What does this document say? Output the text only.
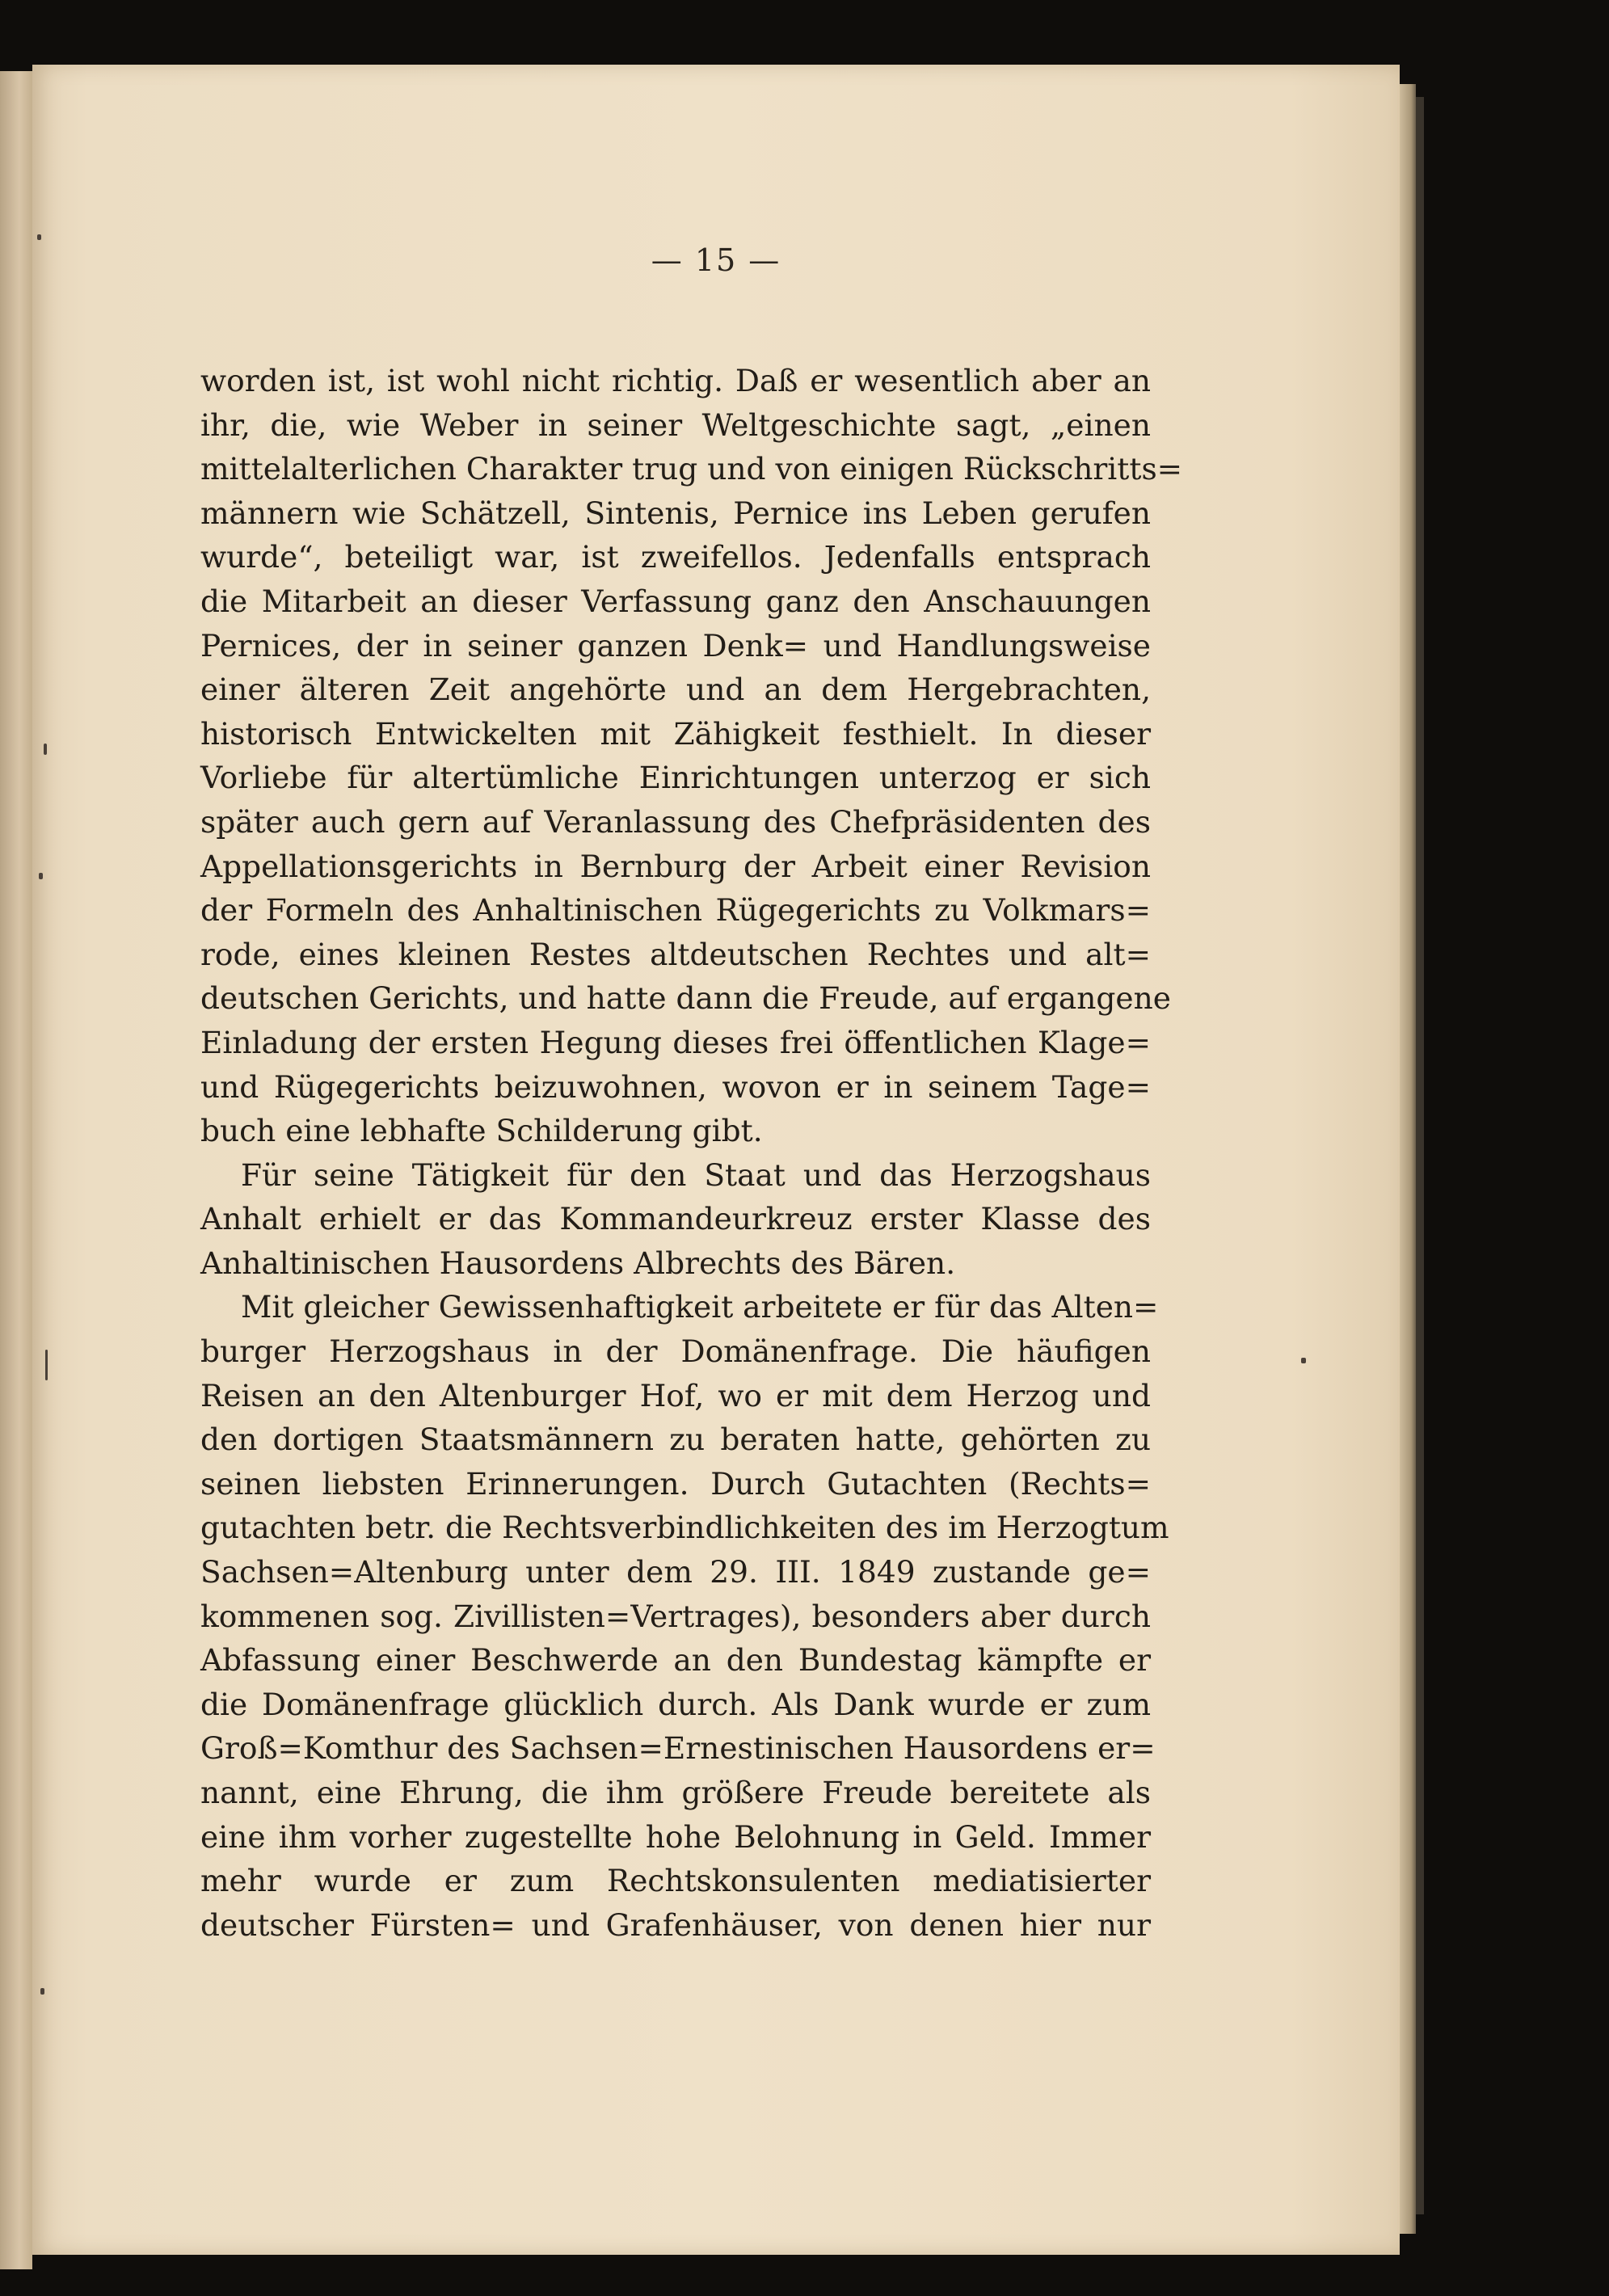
— 15 —
worden ist, ist wohl nicht richtig. Daß er wesentlich aber an
ihr, die, wie Weber in seiner Weltgeschichte sagt, „einen
mittelalterlichen Charakter trug und von einigen Rückschritts=
männern wie Schätzell, Sintenis, Pernice ins Leben gerufen
wurde“, beteiligt war, ist zweifellos. Jedenfalls entsprach
die Mitarbeit an dieser Verfassung ganz den Anschauungen
Pernices, der in seiner ganzen Denk= und Handlungsweise
einer älteren Zeit angehörte und an dem Hergebrachten,
historisch Entwickelten mit Zähigkeit festhielt. In dieser
Vorliebe für altertümliche Einrichtungen unterzog er sich
später auch gern auf Veranlassung des Chefpräsidenten des
Appellationsgerichts in Bernburg der Arbeit einer Revision
der Formeln des Anhaltinischen Rügegerichts zu Volkmars=
rode, eines kleinen Restes altdeutschen Rechtes und alt=
deutschen Gerichts, und hatte dann die Freude, auf ergangene
Einladung der ersten Hegung dieses frei öffentlichen Klage=
und Rügegerichts beizuwohnen, wovon er in seinem Tage=
buch eine lebhafte Schilderung gibt.
Für seine Tätigkeit für den Staat und das Herzogshaus
Anhalt erhielt er das Kommandeurkreuz erster Klasse des
Anhaltinischen Hausordens Albrechts des Bären.
Mit gleicher Gewissenhaftigkeit arbeitete er für das Alten=
burger Herzogshaus in der Domänenfrage. Die häufigen
Reisen an den Altenburger Hof, wo er mit dem Herzog und
den dortigen Staatsmännern zu beraten hatte, gehörten zu
seinen liebsten Erinnerungen. Durch Gutachten (Rechts=
gutachten betr. die Rechtsverbindlichkeiten des im Herzogtum
Sachsen=Altenburg unter dem 29. III. 1849 zustande ge=
kommenen sog. Zivillisten=Vertrages), besonders aber durch
Abfassung einer Beschwerde an den Bundestag kämpfte er
die Domänenfrage glücklich durch. Als Dank wurde er zum
Groß=Komthur des Sachsen=Ernestinischen Hausordens er=
nannt, eine Ehrung, die ihm größere Freude bereitete als
eine ihm vorher zugestellte hohe Belohnung in Geld. Immer
mehr wurde er zum Rechtskonsulenten mediatisierter
deutscher Fürsten= und Grafenhäuser, von denen hier nur
